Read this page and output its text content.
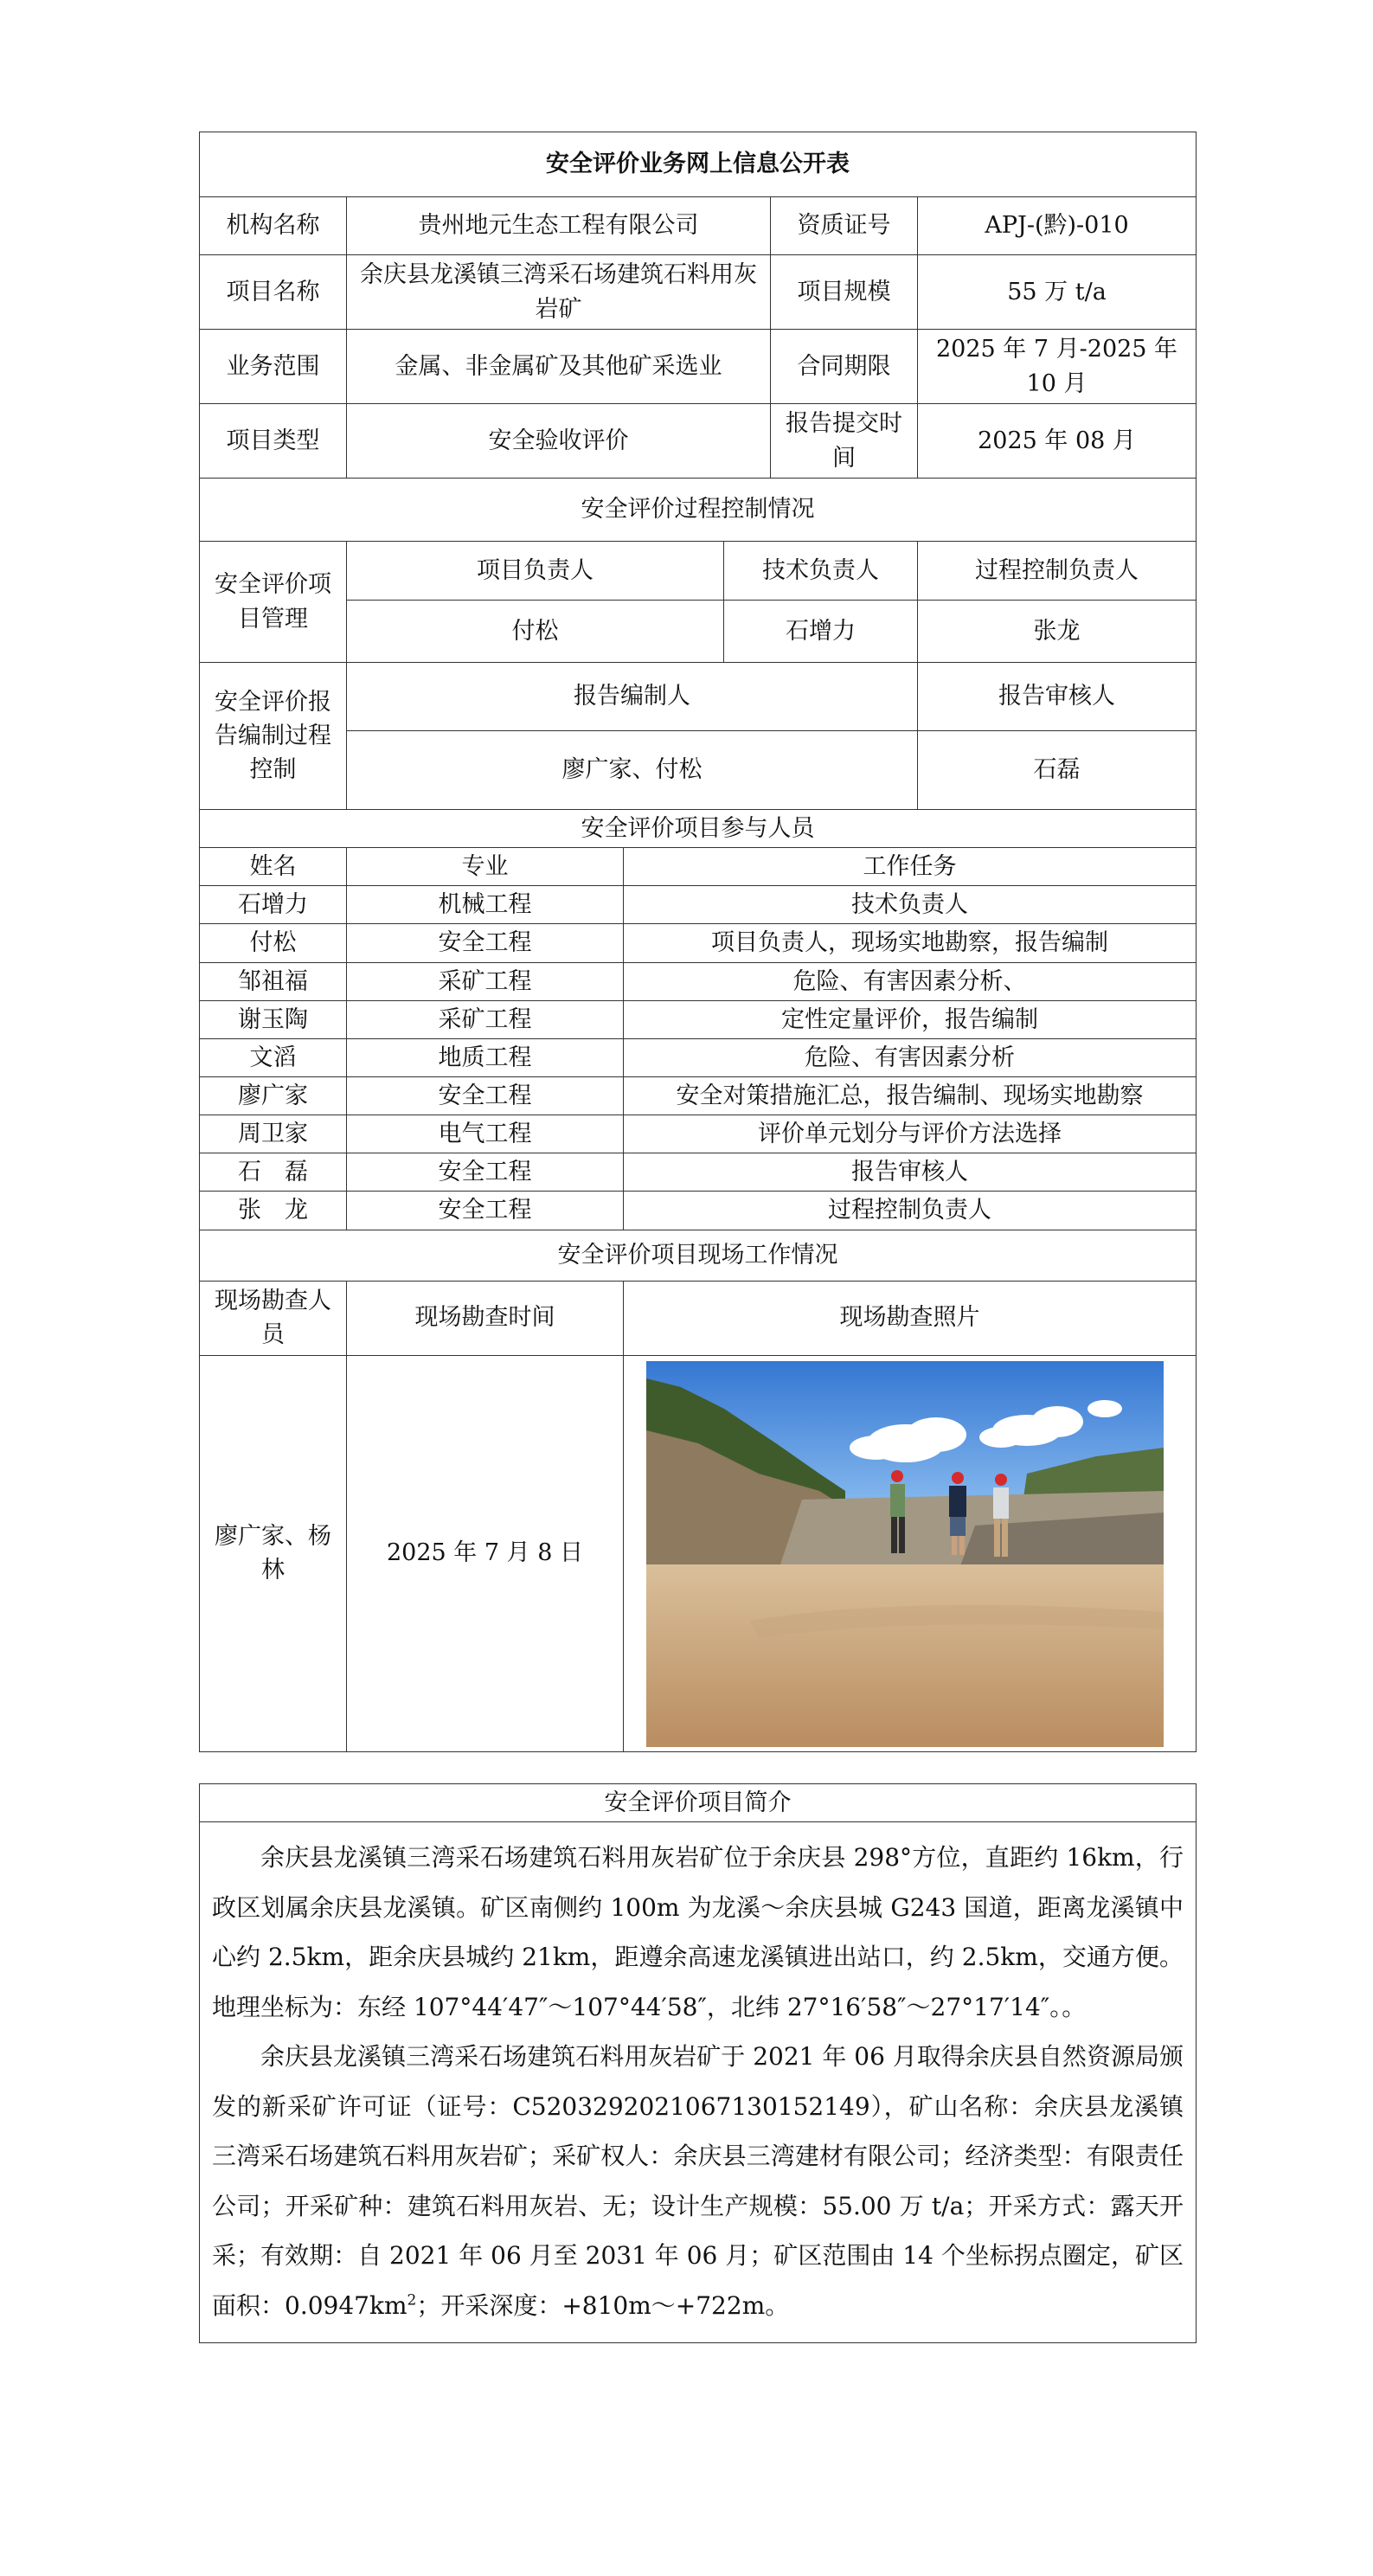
安全评价业务网上信息公开表					
机构名称	贵州地元生态工程有限公司			资质证号	APJ-(黔)-010
项目名称	余庆县龙溪镇三湾采石场建筑石料用灰岩矿			项目规模	55 万 t/a
业务范围	金属、非金属矿及其他矿采选业			合同期限	2025 年 7 月-2025 年 10 月
项目类型	安全验收评价			报告提交时间	2025 年 08 月
安全评价过程控制情况					
安全评价项目管理	项目负责人		技术负责人		过程控制负责人
	付松		石增力		张龙
安全评价报告编制过程控制	报告编制人				报告审核人
	廖广家、付松				石磊
安全评价项目参与人员					
姓名	专业	工作任务			
石增力	机械工程	技术负责人			
付松	安全工程	项目负责人，现场实地勘察，报告编制			
邹祖福	采矿工程	危险、有害因素分析、			
谢玉陶	采矿工程	定性定量评价，报告编制			
文滔	地质工程	危险、有害因素分析			
廖广家	安全工程	安全对策措施汇总，报告编制、现场实地勘察			
周卫家	电气工程	评价单元划分与评价方法选择			
石　磊	安全工程	报告审核人			
张　龙	安全工程	过程控制负责人			
安全评价项目现场工作情况					
现场勘查人员	现场勘查时间	现场勘查照片			
廖广家、杨林	2025 年 7 月 8 日	
安全评价项目简介

余庆县龙溪镇三湾采石场建筑石料用灰岩矿位于余庆县 298°方位，直距约 16km，行政区划属余庆县龙溪镇。矿区南侧约 100m 为龙溪～余庆县城 G243 国道，距离龙溪镇中心约 2.5km，距余庆县城约 21km，距遵余高速龙溪镇进出站口，约 2.5km，交通方便。地理坐标为：东经 107°44′47″～107°44′58″，北纬 27°16′58″～27°17′14″。。

余庆县龙溪镇三湾采石场建筑石料用灰岩矿于 2021 年 06 月取得余庆县自然资源局颁发的新采矿许可证（证号：C5203292021067130152149），矿山名称：余庆县龙溪镇三湾采石场建筑石料用灰岩矿；采矿权人：余庆县三湾建材有限公司；经济类型：有限责任公司；开采矿种：建筑石料用灰岩、无；设计生产规模：55.00 万 t/a；开采方式：露天开采；有效期：自 2021 年 06 月至 2031 年 06 月；矿区范围由 14 个坐标拐点圈定，矿区面积：$0.0947km^2$；开采深度：+810m～+722m。
